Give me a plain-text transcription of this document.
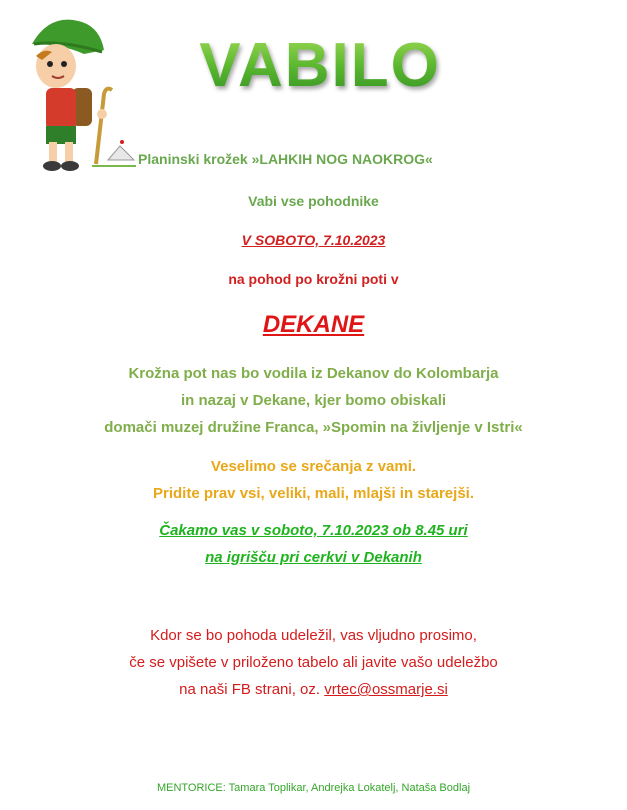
VABILO
Planinski krožek »LAHKIH NOG NAOKROG«
Vabi vse pohodnike
V SOBOTO, 7.10.2023
na pohod po krožni poti v
DEKANE
Krožna pot nas bo vodila iz Dekanov do Kolombarja
in nazaj v Dekane, kjer bomo obiskali
domači muzej družine Franca, »Spomin na življenje v Istri«
Veselimo se srečanja z vami.
Pridite prav vsi, veliki, mali, mlajši in starejši.
Čakamo vas v soboto, 7.10.2023 ob 8.45 uri
na igrišču pri cerkvi v Dekanih
Kdor se bo pohoda udeležil, vas vljudno prosimo,
če se vpišete v priloženo tabelo ali javite vašo udeležbo
na naši FB strani, oz. vrtec@ossmarje.si
MENTORICE: Tamara Toplikar, Andrejka Lokatelj, Nataša Bodlaj
